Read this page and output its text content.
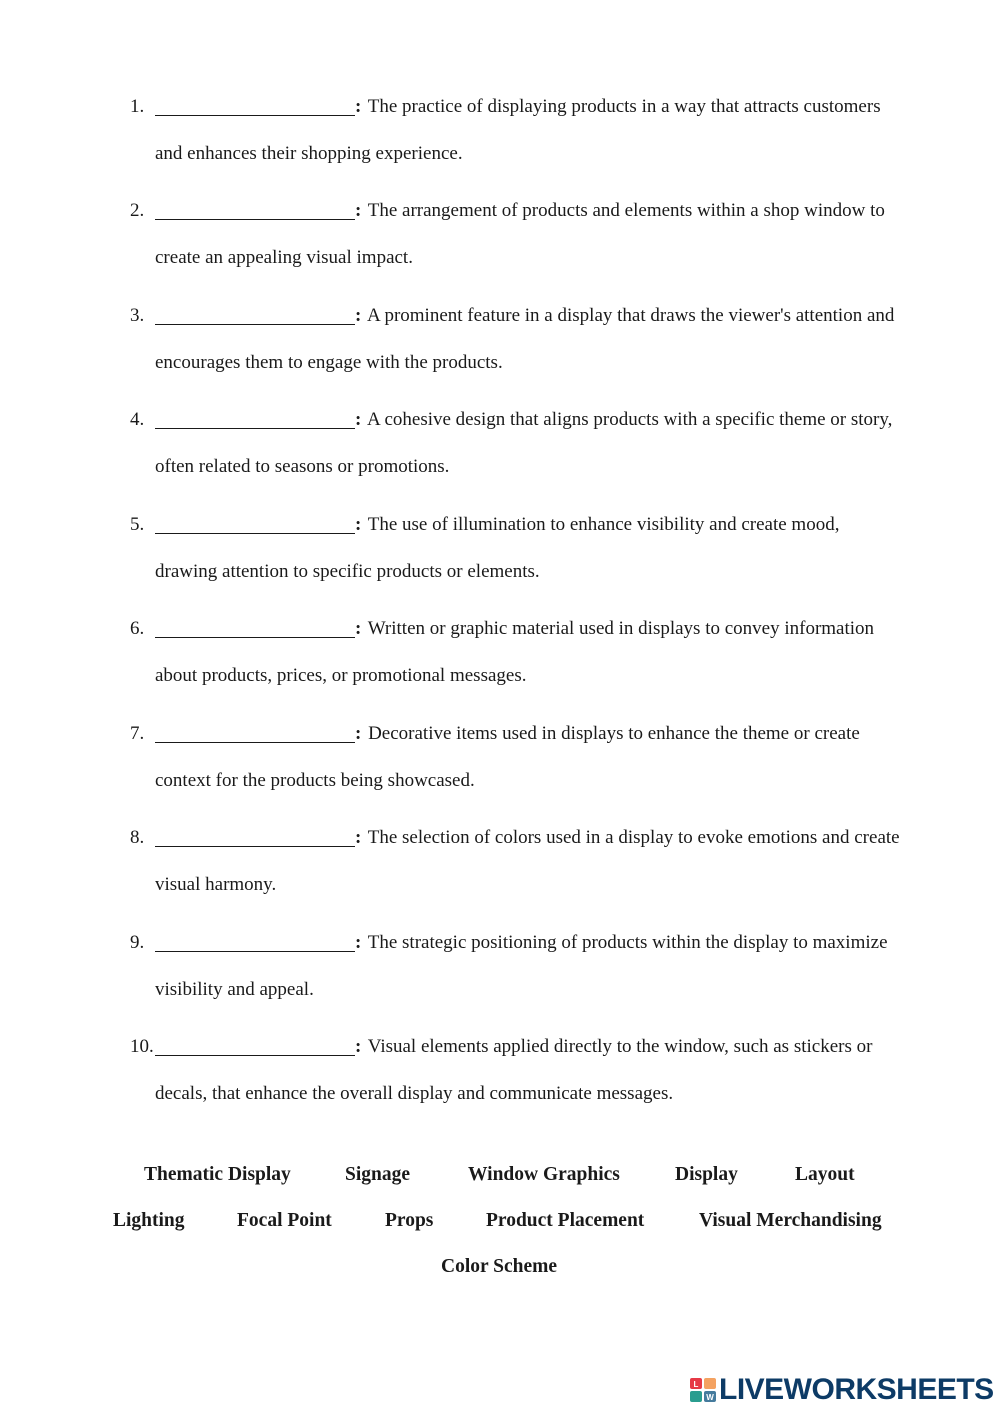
1.	: The practice of displaying products in a way that attracts customers and enhances their shopping experience.
2.	: The arrangement of products and elements within a shop window to create an appealing visual impact.
3.	: A prominent feature in a display that draws the viewer's attention and encourages them to engage with the products.
4.	: A cohesive design that aligns products with a specific theme or story, often related to seasons or promotions.
5.	: The use of illumination to enhance visibility and create mood, drawing attention to specific products or elements.
6.	: Written or graphic material used in displays to convey information about products, prices, or promotional messages.
7.	: Decorative items used in displays to enhance the theme or create context for the products being showcased.
8.	: The selection of colors used in a display to evoke emotions and create visual harmony.
9.	: The strategic positioning of products within the display to maximize visibility and appeal.
10.	: Visual elements applied directly to the window, such as stickers or decals, that enhance the overall display and communicate messages.
Thematic Display	Signage	Window Graphics	Display	Layout
Lighting	Focal Point	Props	Product Placement	Visual Merchandising
Color Scheme
L
W LIVEWORKSHEETS
